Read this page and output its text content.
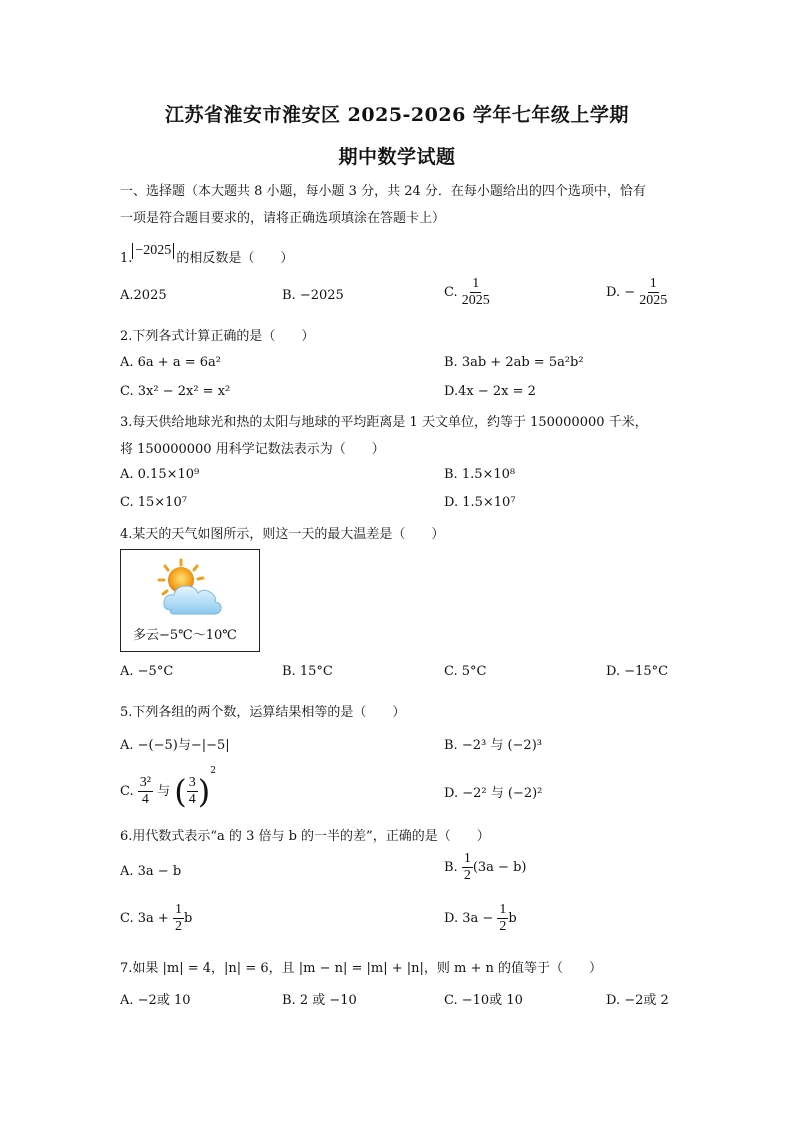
江苏省淮安市淮安区 2025-2026 学年七年级上学期
期中数学试题
一、选择题（本大题共 8 小题，每小题 3 分，共 24 分．在每小题给出的四个选项中，恰有
一项是符合题目要求的，请将正确选项填涂在答题卡上）
1.−2025的相反数是（　　）
A.2025	B. −2025	C. $\frac{1}{2025}$	D. − $\frac{1}{2025}$
2.下列各式计算正确的是（　　）
A. 6a + a = 6a²	B. 3ab + 2ab = 5a²b²
C. 3x² − 2x² = x²	D.4x − 2x = 2
3.每天供给地球光和热的太阳与地球的平均距离是 1 天文单位，约等于 150000000 千米，
将 150000000 用科学记数法表示为（　　）
A. 0.15×10⁹	B. 1.5×10⁸
C. 15×10⁷	D. 1.5×10⁷
4.某天的天气如图所示，则这一天的最大温差是（　　）
多云−5℃～10℃
A. −5°C	B. 15°C	C. 5°C	D. −15°C
5.下列各组的两个数，运算结果相等的是（　　）
A. −(−5)与−|−5|	B. −2³ 与 (−2)³
C. $\frac{\text{3²}}{4}$ 与 ( $\frac{3}{4} )^2$
D. −2² 与 (−2)²
6.用代数式表示“a 的 3 倍与 b 的一半的差”，正确的是（　　）
A. 3a − b	B. $\frac{1}{2} (3a - b)$
C. $3a + \frac{1}{2}$ b	D. $3a - \frac{1}{2}$ b
7.如果 |m| = 4，|n| = 6，且 |m − n| = |m| + |n|，则 m + n 的值等于（　　）
A. −2或 10	B. 2 或 −10	C. −10或 10	D. −2或 2
